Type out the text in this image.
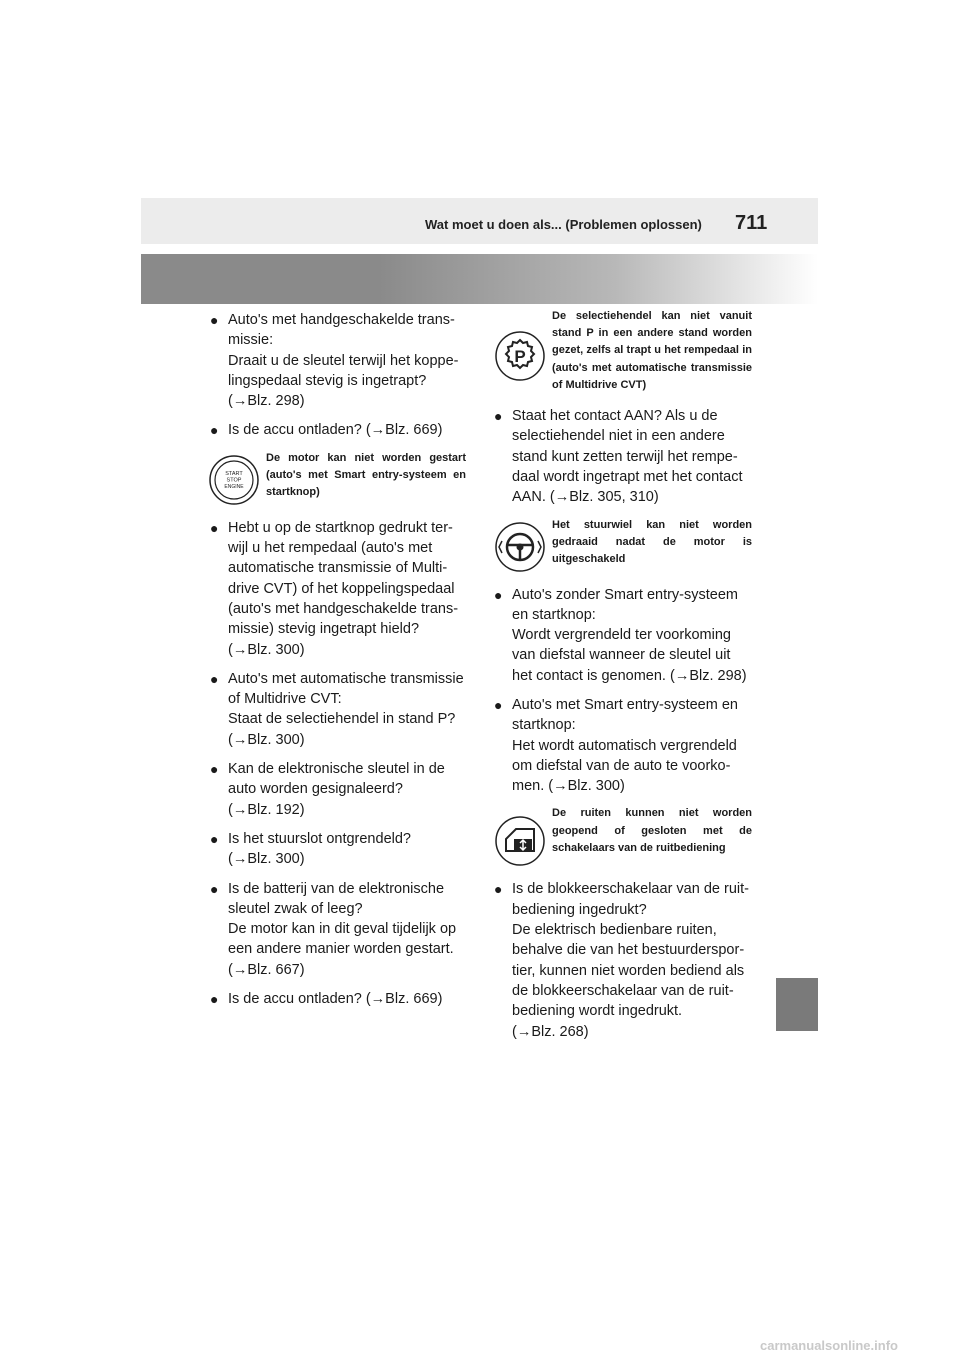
Wat moet u doen als... (Problemen oplossen) 711
● Auto's met handgeschakelde trans-
missie:
Draait u de sleutel terwijl het koppe-
lingspedaal stevig is ingetrapt?
(→Blz. 298)
● Is de accu ontladen? (→Blz. 669)
START
STOP
ENGINE
De motor kan niet worden gestart (auto's met Smart entry-systeem en startknop)
● Hebt u op de startknop gedrukt ter-
wijl u het rempedaal (auto's met
automatische transmissie of Multi-
drive CVT) of het koppelingspedaal
(auto's met handgeschakelde trans-
missie) stevig ingetrapt hield?
(→Blz. 300)
● Auto's met automatische transmissie
of Multidrive CVT:
Staat de selectiehendel in stand P?
(→Blz. 300)
● Kan de elektronische sleutel in de
auto worden gesignaleerd?
(→Blz. 192)
● Is het stuurslot ontgrendeld?
(→Blz. 300)
● Is de batterij van de elektronische
sleutel zwak of leeg?
De motor kan in dit geval tijdelijk op
een andere manier worden gestart.
(→Blz. 667)
● Is de accu ontladen? (→Blz. 669)
P
De selectiehendel kan niet vanuit stand P in een andere stand worden gezet, zelfs al trapt u het rempedaal in (auto's met automatische transmissie of Multidrive CVT)
● Staat het contact AAN? Als u de
selectiehendel niet in een andere
stand kunt zetten terwijl het rempe-
daal wordt ingetrapt met het contact
AAN. (→Blz. 305, 310)
Het stuurwiel kan niet worden gedraaid nadat de motor is uitgeschakeld
● Auto's zonder Smart entry-systeem
en startknop:
Wordt vergrendeld ter voorkoming
van diefstal wanneer de sleutel uit
het contact is genomen. (→Blz. 298)
● Auto's met Smart entry-systeem en
startknop:
Het wordt automatisch vergrendeld
om diefstal van de auto te voorko-
men. (→Blz. 300)
De ruiten kunnen niet worden geopend of gesloten met de schakelaars van de ruitbediening
● Is de blokkeerschakelaar van de ruit-
bediening ingedrukt?
De elektrisch bedienbare ruiten,
behalve die van het bestuurderspor-
tier, kunnen niet worden bediend als
de blokkeerschakelaar van de ruit-
bediening wordt ingedrukt.
(→Blz. 268)
carmanualsonline.info
